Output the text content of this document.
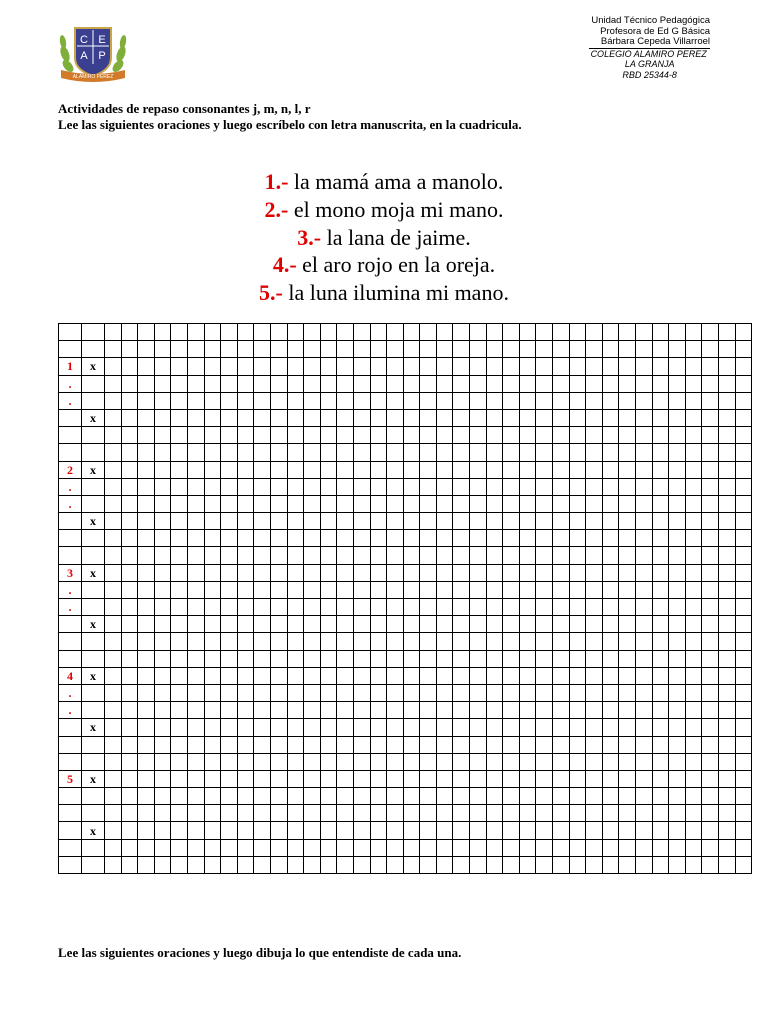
C E
A P
ALAMIRO PEREZ
Unidad Técnico Pedagógica
Profesora de Ed G Básica
Bárbara Cepeda Villarroel
COLEGIO ALAMIRO PEREZ
LA GRANJA
RBD 25344-8
Actividades de repaso consonantes j, m, n, l, r
Lee las siguientes oraciones y luego escríbelo con letra manuscrita, en la cuadricula.
1.- la mamá ama a manolo.
2.- el mono moja mi mano.
3.- la lana de jaime.
4.- el aro rojo en la oreja.
5.- la luna ilumina mi mano.

1	x																																							
.																																								
.																																								
	x																																							

2	x																																							
.																																								
.																																								
	x																																							

3	x																																							
.																																								
.																																								
	x																																							

4	x																																							
.																																								
.																																								
	x																																							

5	x																																							

	x																																							

Lee las siguientes oraciones y luego dibuja lo que entendiste de cada una.
